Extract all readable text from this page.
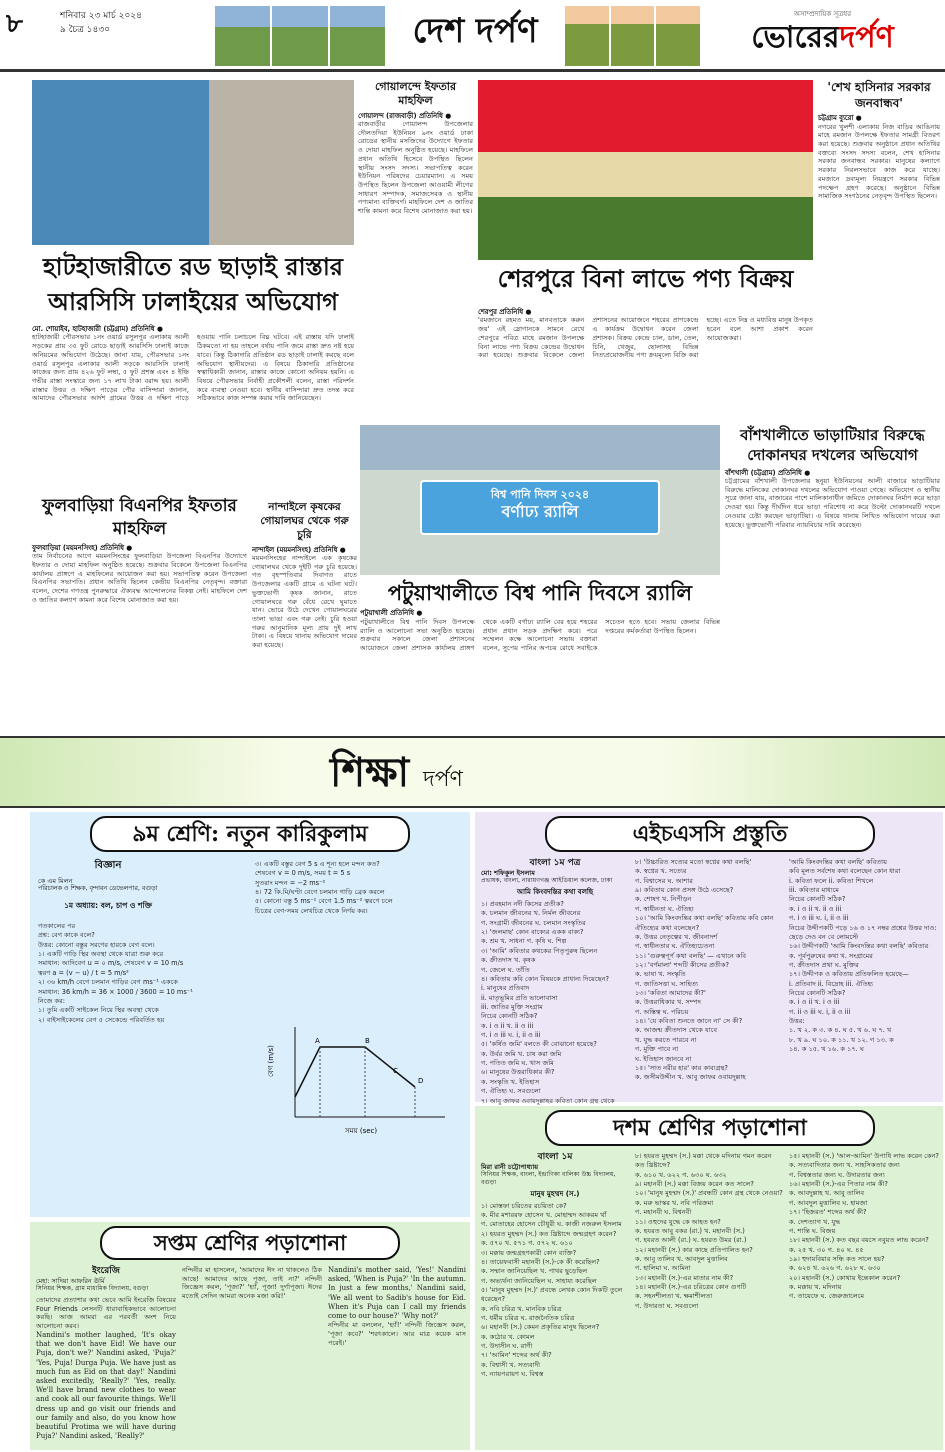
৮	শনিবার ২৩ মার্চ ২০২৪
৯ চৈত্র ১৪৩০	দেশ দর্পণ	অসাম্প্রদায়িক সূত্রধর
ভোরেরদর্পণ
গোয়ালন্দে ইফতার মাহফিল
গোয়ালন্দ (রাজবাড়ী) প্রতিনিধি ●
রাজবাড়ীর গোয়ালন্দ উপজেলার দৌলতদিয়া ইউনিয়ন ৯নং ওয়ার্ড ঢাকা রোডের স্থানীয় মসজিদের উদ্যোগে ইফতার ও দোয়া মাহফিল অনুষ্ঠিত হয়েছে। মাহফিলে প্রধান অতিথি হিসেবে উপস্থিত ছিলেন স্থানীয় সংসদ সদস্য। সভাপতিত্ব করেন ইউনিয়ন পরিষদের চেয়ারম্যান। এ সময় উপস্থিত ছিলেন উপজেলা আওয়ামী লীগের সাধারণ সম্পাদক, সমাজসেবক ও স্থানীয় গণ্যমান্য ব্যক্তিবর্গ। মাহফিলে দেশ ও জাতির শান্তি কামনা করে বিশেষ মোনাজাত করা হয়।
'শেখ হাসিনার সরকার জনবান্ধব'
চট্টগ্রাম ব্যুরো ●
নগরের খুলশী এলাকায় নিজ বাড়ির আঙিনায় মাহে রমজান উপলক্ষে ইফতার সামগ্রী বিতরণ করা হয়েছে। শুক্রবার অনুষ্ঠানে প্রধান অতিথির বক্তব্যে সংসদ সদস্য বলেন, শেখ হাসিনার সরকার জনবান্ধব সরকার। মানুষের কল্যাণে সরকার নিরলসভাবে কাজ করে যাচ্ছে। রমজানে দ্রব্যমূল্য নিয়ন্ত্রণে সরকার বিভিন্ন পদক্ষেপ গ্রহণ করেছে। অনুষ্ঠানে বিভিন্ন সামাজিক সংগঠনের নেতৃবৃন্দ উপস্থিত ছিলেন।
হাটহাজারীতে রড ছাড়াই রাস্তার আরসিসি ঢালাইয়ের অভিযোগ
শেরপুরে বিনা লাভে পণ্য বিক্রয়
মো. শোয়াইব, হাটহাজারী (চট্টগ্রাম) প্রতিনিধি ●
হাটহাজারী পৌরসভার ১নং ওয়ার্ড রসুলপুর এলাকায় আলী সড়কের প্রায় ৩৫ ফুট রোডে ছাড়াই আরসিসি ঢালাই কাজে অনিয়মের অভিযোগ উঠেছে। জানা যায়, পৌরসভার ১নং ওয়ার্ড রসুলপুর এলাকার আলী সড়কে আরসিসি ঢালাই কাজের জন্য প্রায় ৪২৬ ফুট লম্বা, ৫ ফুট প্রশস্ত এবং ৪ ইঞ্চি গভীর রাস্তা সংস্কারে জন্য ১৭ লাখ টাকা বরাদ্দ হয়। আলী রাস্তার উত্তর ও দক্ষিণ পাড়ের পৌর বাসিন্দারা জানান, আমাদের পৌরসভার আর্দশ গ্রামের উত্তর ও দক্ষিণ পাড়ে হওয়ায় পানি চলাচলে বিঘ্ন ঘটবে। এই রাস্তায় যদি ঢালাই ঠিকমতো না হয় তাহলে বর্ষায় পানি জমে রাস্তা দ্রুত নষ্ট হয়ে যাবে। কিন্তু ঠিকাদারি প্রতিষ্ঠান রড ছাড়াই ঢালাই করছে বলে অভিযোগ স্থানীয়দের। এ বিষয়ে ঠিকাদারি প্রতিষ্ঠানের স্বত্বাধিকারী জানান, রাস্তার কাজে কোনো অনিয়ম হয়নি। এ বিষয়ে পৌরসভার নির্বাহী প্রকৌশলী বলেন, রাস্তা পরিদর্শন করে ব্যবস্থা নেওয়া হবে। স্থানীয় বাসিন্দারা দ্রুত তদন্ত করে সঠিকভাবে কাজ সম্পন্ন করার দাবি জানিয়েছেন।
শেরপুর প্রতিনিধি ●
'রমজানে রহমত ময়, মানবতাকে করুন জয়' এই স্লোগানকে সামনে রেখে শেরপুরে পবিত্র মাহে রমজান উপলক্ষে বিনা লাভে পণ্য বিক্রয় কেন্দ্রের উদ্বোধন করা হয়েছে। শুক্রবার বিকেলে জেলা প্রশাসনের আয়োজনে শহরের প্রাণকেন্দ্রে এ কার্যক্রম উদ্বোধন করেন জেলা প্রশাসক। বিক্রয় কেন্দ্রে চাল, ডাল, তেল, চিনি, খেজুর, ছোলাসহ বিভিন্ন নিত্যপ্রয়োজনীয় পণ্য ক্রয়মূল্যে বিক্রি করা হচ্ছে। এতে নিম্ন ও মধ্যবিত্ত মানুষ উপকৃত হবেন বলে আশা প্রকাশ করেন আয়োজকরা।
বিশ্ব পানি দিবস ২০২৪
বর্ণাঢ্য র‍্যালি
বাঁশখালীতে ভাড়াটিয়ার বিরুদ্ধে দোকানঘর দখলের অভিযোগ
বাঁশখালী (চট্টগ্রাম) প্রতিনিধি ●
চট্টগ্রামের বাঁশখালী উপজেলার ছনুয়া ইউনিয়নের আলী বাজারে ভাড়াটিয়ার বিরুদ্ধে মালিকের দোকানঘর দখলের অভিযোগ পাওয়া গেছে। অভিযোগ ও স্থানীয় সূত্রে জানা যায়, বাজারের পাশে মালিকানাধীন জমিতে দোকানঘর নির্মাণ করে ভাড়া দেওয়া হয়। কিন্তু দীর্ঘদিন ধরে ভাড়া পরিশোধ না করে উল্টো দোকানঘরটি দখলে নেওয়ার চেষ্টা করছেন ভাড়াটিয়া। এ বিষয়ে থানায় লিখিত অভিযোগ দায়ের করা হয়েছে। ভুক্তভোগী পরিবার ন্যায়বিচার দাবি করেছেন।
ফুলবাড়িয়া বিএনপির ইফতার মাহফিল
ফুলবাড়িয়া (ময়মনসিংহ) প্রতিনিধি ●
তাম নির্বাচনের আগে ময়মনসিংহের ফুলবাড়িয়া উপজেলা বিএনপির উদ্যোগে ইফতার ও দোয়া মাহফিল অনুষ্ঠিত হয়েছে। শুক্রবার বিকেলে উপজেলা বিএনপির কার্যালয় প্রাঙ্গণে এ মাহফিলের আয়োজন করা হয়। সভাপতিত্ব করেন উপজেলা বিএনপির সভাপতি। প্রধান অতিথি ছিলেন কেন্দ্রীয় বিএনপির নেতৃবৃন্দ। বক্তারা বলেন, দেশের গণতন্ত্র পুনরুদ্ধারে ঐক্যবদ্ধ আন্দোলনের বিকল্প নেই। মাহফিলে দেশ ও জাতির কল্যাণ কামনা করে বিশেষ মোনাজাত করা হয়।
নান্দাইলে কৃষকের গোয়ালঘর থেকে গরু চুরি
নান্দাইল (ময়মনসিংহ) প্রতিনিধি ●
ময়মনসিংহের নান্দাইলে এক কৃষকের গোয়ালঘর থেকে দুইটি গরু চুরি হয়েছে। গত বৃহস্পতিবার দিবাগত রাতে উপজেলার একটি গ্রামে এ ঘটনা ঘটে। ভুক্তভোগী কৃষক জানান, রাতে গোয়ালঘরে গরু বেঁধে রেখে ঘুমাতে যান। ভোরে উঠে দেখেন গোয়ালঘরের তালা ভাঙা এবং গরু নেই। চুরি হওয়া গরুর আনুমানিক মূল্য প্রায় দুই লাখ টাকা। এ বিষয়ে থানায় অভিযোগ দায়ের করা হয়েছে।
পটুয়াখালীতে বিশ্ব পানি দিবসে র‍্যালি
পটুয়াখালী প্রতিনিধি ●
পটুয়াখালীতে বিশ্ব পানি দিবস উপলক্ষে র‍্যালি ও আলোচনা সভা অনুষ্ঠিত হয়েছে। শুক্রবার সকালে জেলা প্রশাসনের আয়োজনে জেলা প্রশাসক কার্যালয় প্রাঙ্গণ থেকে একটি বর্ণাঢ্য র‍্যালি বের হয়ে শহরের প্রধান প্রধান সড়ক প্রদক্ষিণ করে। পরে সম্মেলন কক্ষে আলোচনা সভায় বক্তারা বলেন, সুপেয় পানির অপচয় রোধে সবাইকে সচেতন হতে হবে। সভায় জেলার বিভিন্ন দপ্তরের কর্মকর্তারা উপস্থিত ছিলেন।
শিক্ষা দর্পণ
৯ম শ্রেণি: নতুন কারিকুলাম
বিজ্ঞান
কে এম মিলন
পরিচালক ও শিক্ষক, বৃন্দাবন ডেভেলপার, বগুড়া
১ম অধ্যায়: বল, চাপ ও শক্তি
গতকালের পর
প্রশ্ন: বেগ কাকে বলে?
উত্তর: কোনো বস্তুর সরণের হারকে বেগ বলে।
১। একটি গাড়ি স্থির অবস্থা থেকে যাত্রা শুরু করে
সমাধান: আদিবেগ u = ০ m/s, শেষবেগ v = 10 m/s
ত্বরণ a = (v − u) / t = 5 m/s²
২। ৩৬ km/h বেগে চলমান গাড়ির বেগ ms⁻¹ এককে
সমাধান: 36 km/h = 36 × 1000 / 3600 = 10 ms⁻¹
নিজে কর:
১। তুমি একটি সাইকেল নিয়ে স্থির অবস্থা থেকে
২। বাইসাইকেলের বেগ ৫ সেকেন্ডে পরিবর্তিত হয়
৩। একটি বস্তুর বেগ 5 s এ শূন্য হলে মন্দন কত?
শেষবেগ v = 0 m/s, সময় t = 5 s
সুতরাং মন্দন = −2 ms⁻²
৪। 72 কি.মি/ঘণ্টা বেগে চলমান গাড়ি ব্রেক করলে
৫। কোনো বস্তু 5 ms⁻¹ বেগে 1.5 ms⁻² ত্বরণে চলে
চিত্রের বেগ-সময় লেখচিত্র থেকে নির্ণয় কর।
A	B
C
D
সময় (sec)
বেগ (m/s)
এইচএসসি প্রস্তুতি
বাংলা ১ম পত্র
মো: শফিকুল ইসলাম
প্রভাষক, বাংলা, নারায়ণগঞ্জ আইডিয়াল কলেজ, ঢাকা
আমি কিংবদন্তির কথা বলছি
১। প্রবহমান নদী কিসের প্রতীক?
ক. চলমান জীবনের খ. নির্মল জীবনের
গ. সংগ্রামী জীবনের ঘ. চলমান সংস্কৃতির
২। 'জলমাছ' কোন বাক্যের একক বাক্য?
ক. শ্রম খ. সাধনা গ. কৃষি ঘ. শিল্প
৩। 'আমি' কবিতার কথকের পিতৃপুরুষ ছিলেন
ক. ক্রীতদাস খ. কৃষক
গ. জেলে ঘ. তাঁতি
৪। কবিতায় কবি কোন বিষয়কে প্রাধান্য দিয়েছেন?
i. মানুষের প্রতিবাদ
ii. মাতৃভূমির প্রতি ভালোবাসা
iii. জাতির মুক্তি সংগ্রাম
নিচের কোনটি সঠিক?
ক. i ও ii খ. ii ও iii
গ. i ও iii ঘ. i, ii ও iii
৫। 'কর্ষিত জমি' বলতে কী বোঝানো হয়েছে?
ক. উর্বর জমি খ. চাষ করা জমি
গ. পতিত জমি ঘ. খাস জমি
৬। মানুষের উত্তরাধিকার কী?
ক. সংস্কৃতি খ. ইতিহাস
গ. ঐতিহ্য ঘ. সবগুলো
৭। আবু জাফর ওবায়দুল্লাহর কবিতা কোন গ্রন্থ থেকে
৮। 'উচ্চারিত সত্যের মতো স্বপ্নের কথা বলছি'
ক. স্বপ্নের খ. সত্যের
গ. বিশ্বাসের ঘ. আশার
৯। কবিতায় কোন প্রসঙ্গ উঠে এসেছে?
ক. শোষণ খ. নিপীড়ন
গ. স্বাধীনতা ঘ. ঐতিহ্য
১০। 'আমি কিংবদন্তির কথা বলছি' কবিতায় কবি কোন
ঐতিহ্যের কথা বলেছেন?
ক. উত্তর নেতৃত্বের খ. জীবনাদর্শ
গ. স্বাধীনতার ঘ. ঐতিহ্যচেতনা
১১। 'গুরুত্বপূর্ণ কথা বলছি' — এখানে কবি
১২। 'বর্ণমালা' শব্দটি কীসের প্রতীক?
ক. ভাষা খ. সংস্কৃতি
গ. জাতিসত্তা ঘ. সাহিত্য
১৩। 'কবিতা আমাদের কী?'
ক. উত্তরাধিকার খ. সম্পদ
গ. অস্তিত্ব ঘ. পরিচয়
১৪। 'যে কবিতা শুনতে জানে না' সে কী?
ক. আজন্ম ক্রীতদাস থেকে যাবে
খ. যুদ্ধ করতে পারবে না
গ. মুক্তি পাবে না
ঘ. ইতিহাস জানবে না
১৫। 'সাত নরীর হার' কার কাব্যগ্রন্থ?
ক. জসীমউদ্দীন খ. আবু জাফর ওবায়দুল্লাহ
'আমি কিংবদন্তির কথা বলছি' কবিতায়
কবি মূলত সর্বশেষ কথা বলেছেন কোন ধারা
i. কবিতা ফলে ii. কবিতা শিখলে
iii. কবিতার মাধ্যমে
নিচের কোনটি সঠিক?
ক. i ও ii খ. ii ও iii
গ. i ও iii ঘ. i, ii ও iii
নিচের উদ্দীপকটি পড়ে ১৬ ও ১৭ নম্বর প্রশ্নের উত্তর দাও:
ছেড়ে দেও বন বে লোমস্টে
১৬। উদ্দীপকটি 'আমি কিংবদন্তির কথা বলছি' কবিতার
ক. পূর্বপুরুষের কথা খ. সংগ্রামের
গ. ক্রীতদাস প্রথা ঘ. মুক্তির
১৭। উদ্দীপক ও কবিতায় প্রতিফলিত হয়েছে—
i. প্রতিবাদ ii. বিদ্রোহ iii. ঐতিহ্য
নিচের কোনটি সঠিক?
ক. i ও ii খ. i ও iii
গ. ii ও iii ঘ. i, ii ও iii
উত্তর:
১. খ ২. ক ৩. ক ৪. ঘ ৫. খ ৬. ঘ ৭. খ
৮. খ ৯. ঘ ১০. ক ১১. খ ১২. গ ১৩. ক
১৪. ক ১৫. খ ১৬. ক ১৭. ঘ
সপ্তম শ্রেণির পড়াশোনা
ইংরেজি
মেহা: সাদিয়া আফরিন ঊর্মি
সিনিয়র শিক্ষক, গ্রাম মাধ্যমিক বিদ্যালয়, বগুড়া
তোমাদের প্রত্যাশার কথা ভেবে আমি ইংরেজি বিষয়ের Four Friends লেসনটি ধারাবাহিকভাবে আলোচনা করছি। আজ আমরা এর পরবর্তী অংশ নিয়ে আলোচনা করব।
Nandini's mother laughed, 'It's okay that we don't have Eid! We have our Puja, don't we?' Nandini asked, 'Puja?' 'Yes, Puja! Durga Puja. We have just as much fun as Eid on that day!' Nandini asked excitedly, 'Really?' 'Yes, really. We'll have brand new clothes to wear and cook all our favourite things. We'll dress up and go visit our friends and our family and also, do you know how beautiful Protima we will have during Puja?' Nandini asked, 'Really?'
নন্দিনীর মা হাসলেন, 'আমাদের ঈদ না থাকলেও ঠিক আছে! আমাদের আছে পূজা, তাই না?' নন্দিনী জিজ্ঞেস করল, 'পূজা?' 'হ্যাঁ, পূজা! দুর্গাপূজা। ঈদের মতোই সেদিন আমরা অনেক মজা করি!'
Nandini's mother said, 'Yes!' Nandini asked, 'When is Puja?' 'In the autumn. In just a few months,' Nandini said, 'We all went to Sadib's house for Eid. When it's Puja can I call my friends come to our house?' 'Why not?'
নন্দিনীর মা বললেন, 'হ্যাঁ!' নন্দিনী জিজ্ঞেস করল, 'পূজা কবে?' 'শরৎকালে। আর মাত্র কয়েক মাস পরেই।'
দশম শ্রেণির পড়াশোনা
বাংলা ১ম
মিরা রানী চট্টোপাধ্যায়
সিনিয়র শিক্ষক, বাংলা, ইন্দ্রাণিকা বালিকা উচ্চ বিদ্যালয়, বগুড়া
মানুষ মুহম্মদ (স.)
১। মোস্তফা চরিতের রচয়িতা কে?
ক. মীর মশাররফ হোসেন খ. মোহাম্মদ আকরম খাঁ
গ. মোতাহের হোসেন চৌধুরী ঘ. কাজী নজরুল ইসলাম
২। হযরত মুহম্মদ (স.) কত খ্রিষ্টাব্দে জন্মগ্রহণ করেন?
ক. ৫৭০ খ. ৫৭১ গ. ৫৭২ ঘ. ৬১০
৩। মক্কায় জন্মগ্রহণকারী কোন ব্যক্তি?
৪। তায়েফবাসী মহানবী (স.)-কে কী করেছিল?
ক. সম্মান জানিয়েছিল খ. পাথর ছুড়েছিল
গ. অভ্যর্থনা জানিয়েছিল ঘ. সাহায্য করেছিল
৫। 'মানুষ মুহম্মদ (স.)' প্রবন্ধে লেখক কোন দিকটি তুলে ধরেছেন?
ক. নবি চরিত্র খ. মানবিক চরিত্র
গ. ধর্মীয় চরিত্র ঘ. রাজনৈতিক চরিত্র
৬। মহানবী (স.) কেমন প্রকৃতির মানুষ ছিলেন?
ক. কঠোর খ. কোমল
গ. উদাসীন ঘ. রাগী
৭। 'আমিন' শব্দের অর্থ কী?
ক. বিশ্বাসী খ. সত্যবাদী
গ. ন্যায়পরায়ণ ঘ. বিশ্বস্ত
৮। হযরত মুহম্মদ (স.) মক্কা থেকে মদিনায় গমন করেন কত খ্রিষ্টাব্দে?
ক. ৬১০ খ. ৬২২ গ. ৬৩০ ঘ. ৬৩২
৯। মহানবী (স.) মক্কা বিজয় করেন কত সালে?
১০। 'মানুষ মুহম্মদ (স.)' প্রবন্ধটি কোন গ্রন্থ থেকে নেওয়া?
ক. মরু ভাস্কর খ. নবি পরিক্রমা
গ. মহানবী ঘ. বিশ্বনবী
১১। ওহুদের যুদ্ধে কে আহত হন?
ক. হযরত আবু বকর (রা.) খ. মহানবী (স.)
গ. হযরত আলী (রা.) ঘ. হযরত উমর (রা.)
১২। মহানবী (স.) কার কাছে প্রতিপালিত হন?
ক. আবু তালিব খ. আবদুল মুত্তালিব
গ. হালিমা ঘ. আমিনা
১৩। মহানবী (স.)-এর মাতার নাম কী?
১৪। মহানবী (স.)-এর চরিত্রের কোন গুণটি
ক. সহনশীলতা খ. ক্ষমাশীলতা
গ. উদারতা ঘ. সবগুলো
১৫। মহানবী (স.) 'আল-আমিন' উপাধি লাভ করেন কেন?
ক. সত্যবাদিতার জন্য খ. সাহসিকতার জন্য
গ. বিশ্বস্ততার জন্য ঘ. উদারতার জন্য
১৬। মহানবী (স.)-এর পিতার নাম কী?
ক. আবদুল্লাহ খ. আবু তালিব
গ. আবদুল মুত্তালিব ঘ. হামজা
১৭। 'হিজরত' শব্দের অর্থ কী?
ক. দেশত্যাগ খ. যুদ্ধ
গ. শান্তি ঘ. বিজয়
১৮। মহানবী (স.) কত বছর বয়সে নবুয়ত লাভ করেন?
ক. ২৫ খ. ৩০ গ. ৪০ ঘ. ৪৫
১৯। হুদায়বিয়ার সন্ধি কত সালে হয়?
ক. ৬২৪ খ. ৬২৬ গ. ৬২৮ ঘ. ৬৩০
২০। মহানবী (স.) কোথায় ইন্তেকাল করেন?
ক. মক্কায় খ. মদিনায়
গ. তায়েফে ঘ. জেরুজালেমে
